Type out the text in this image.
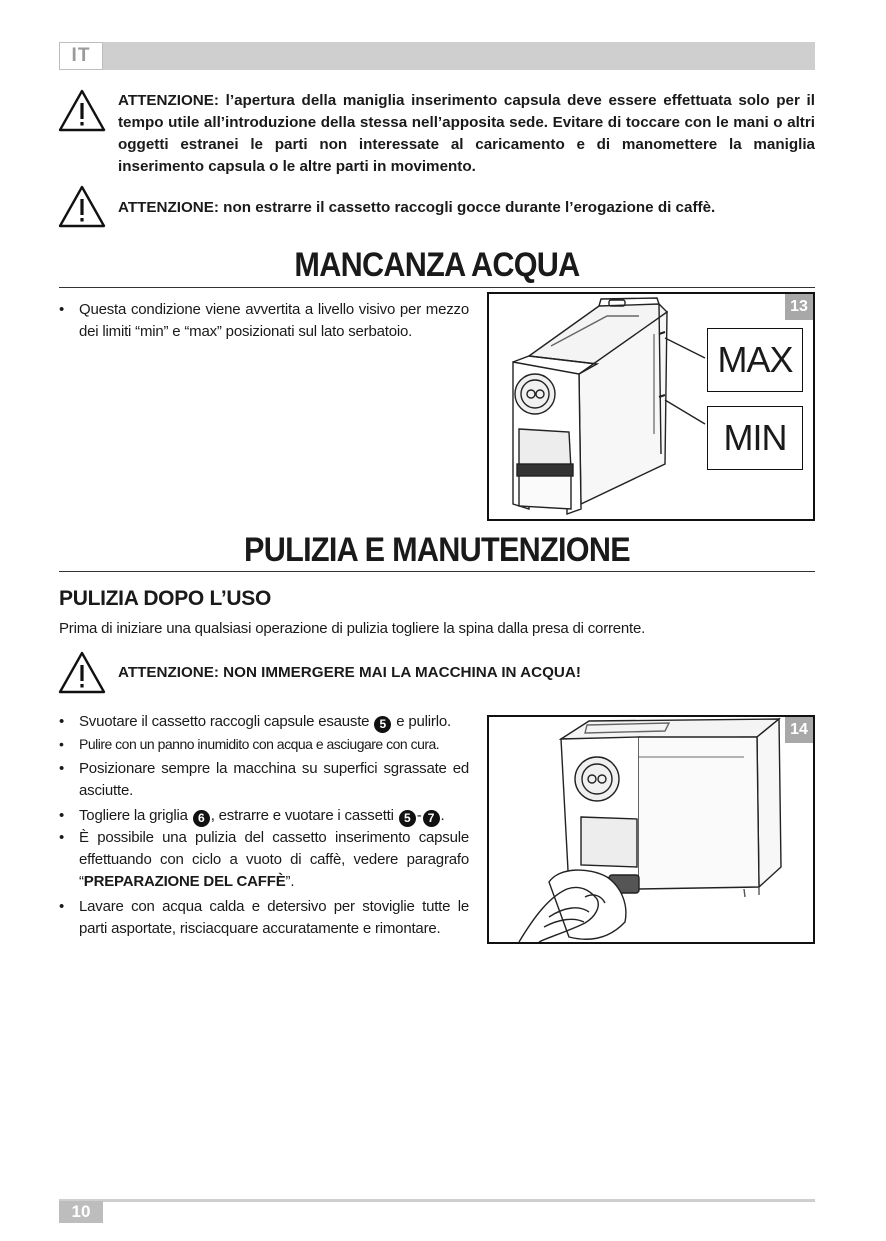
IT
ATTENZIONE: l’apertura della maniglia inserimento capsula deve essere effettuata solo per il tempo utile all’introduzione della stessa nell’apposita sede. Evitare di toccare con le mani o altri oggetti estranei le parti non interessate al caricamento e di manomettere la maniglia inserimento capsula o le altre parti in movimento.
ATTENZIONE: non estrarre il cassetto raccogli gocce durante l’erogazione di caffè.
MANCANZA ACQUA
• Questa condizione viene avvertita a livello visivo per mezzo dei limiti “min” e “max” posizionati sul lato serbatoio.
13
MAX
MIN
PULIZIA E MANUTENZIONE
PULIZIA DOPO L’USO
Prima di iniziare una qualsiasi operazione di pulizia togliere la spina dalla presa di corrente.
ATTENZIONE: NON IMMERGERE MAI LA MACCHINA IN ACQUA!
• Svuotare il cassetto raccogli capsule esauste 5 e pulirlo.
• Pulire con un panno inumidito con acqua e asciugare con cura.
• Posizionare sempre la macchina su superfici sgrassate ed asciutte.
• Togliere la griglia 6 , estrarre e vuotare i cassetti 5 - 7 .
• È possibile una pulizia del cassetto inserimento capsule effettuando con ciclo a vuoto di caffè, vedere paragrafo “PREPARAZIONE DEL CAFFÈ”.
• Lavare con acqua calda e detersivo per stoviglie tutte le parti asportate, risciacquare accuratamente e rimontare.
14
10
